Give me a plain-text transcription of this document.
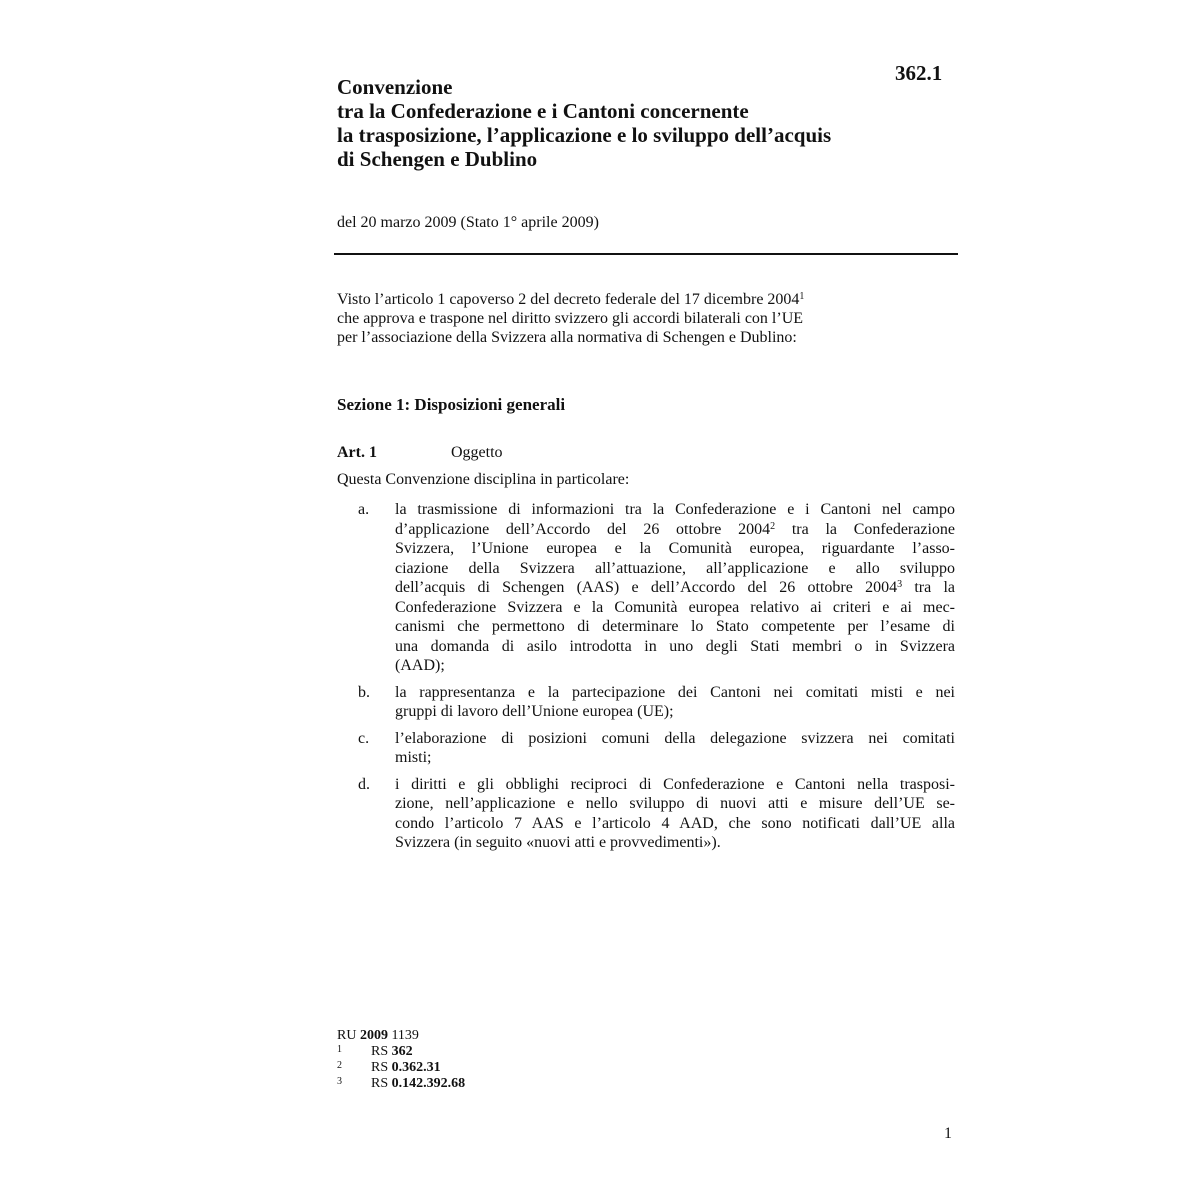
362.1
Convenzione
tra la Confederazione e i Cantoni concernente
la trasposizione, l’applicazione e lo sviluppo dell’acquis
di Schengen e Dublino
del 20 marzo 2009 (Stato 1° aprile 2009)
Visto l’articolo 1 capoverso 2 del decreto federale del 17 dicembre 2004$^1$
che approva e traspone nel diritto svizzero gli accordi bilaterali con l’UE
per l’associazione della Svizzera alla normativa di Schengen e Dublino:
Sezione 1: Disposizioni generali
Art. 1	Oggetto
Questa Convenzione disciplina in particolare:
a. la trasmissione di informazioni tra la Confederazione e i Cantoni nel campo
d’applicazione dell’Accordo del 26 ottobre 2004$^2$ tra la Confederazione
Svizzera, l’Unione europea e la Comunità europea, riguardante l’asso-
ciazione della Svizzera all’attuazione, all’applicazione e allo sviluppo
dell’acquis di Schengen (AAS) e dell’Accordo del 26 ottobre 2004$^3$ tra la
Confederazione Svizzera e la Comunità europea relativo ai criteri e ai mec-
canismi che permettono di determinare lo Stato competente per l’esame di
una domanda di asilo introdotta in uno degli Stati membri o in Svizzera
(AAD);
b. la rappresentanza e la partecipazione dei Cantoni nei comitati misti e nei
gruppi di lavoro dell’Unione europea (UE);
c. l’elaborazione di posizioni comuni della delegazione svizzera nei comitati
misti;
d. i diritti e gli obblighi reciproci di Confederazione e Cantoni nella trasposi-
zione, nell’applicazione e nello sviluppo di nuovi atti e misure dell’UE se-
condo l’articolo 7 AAS e l’articolo 4 AAD, che sono notificati dall’UE alla
Svizzera (in seguito «nuovi atti e provvedimenti»).
RU 2009 1139
1 RS 362
2 RS 0.362.31
3 RS 0.142.392.68
1
